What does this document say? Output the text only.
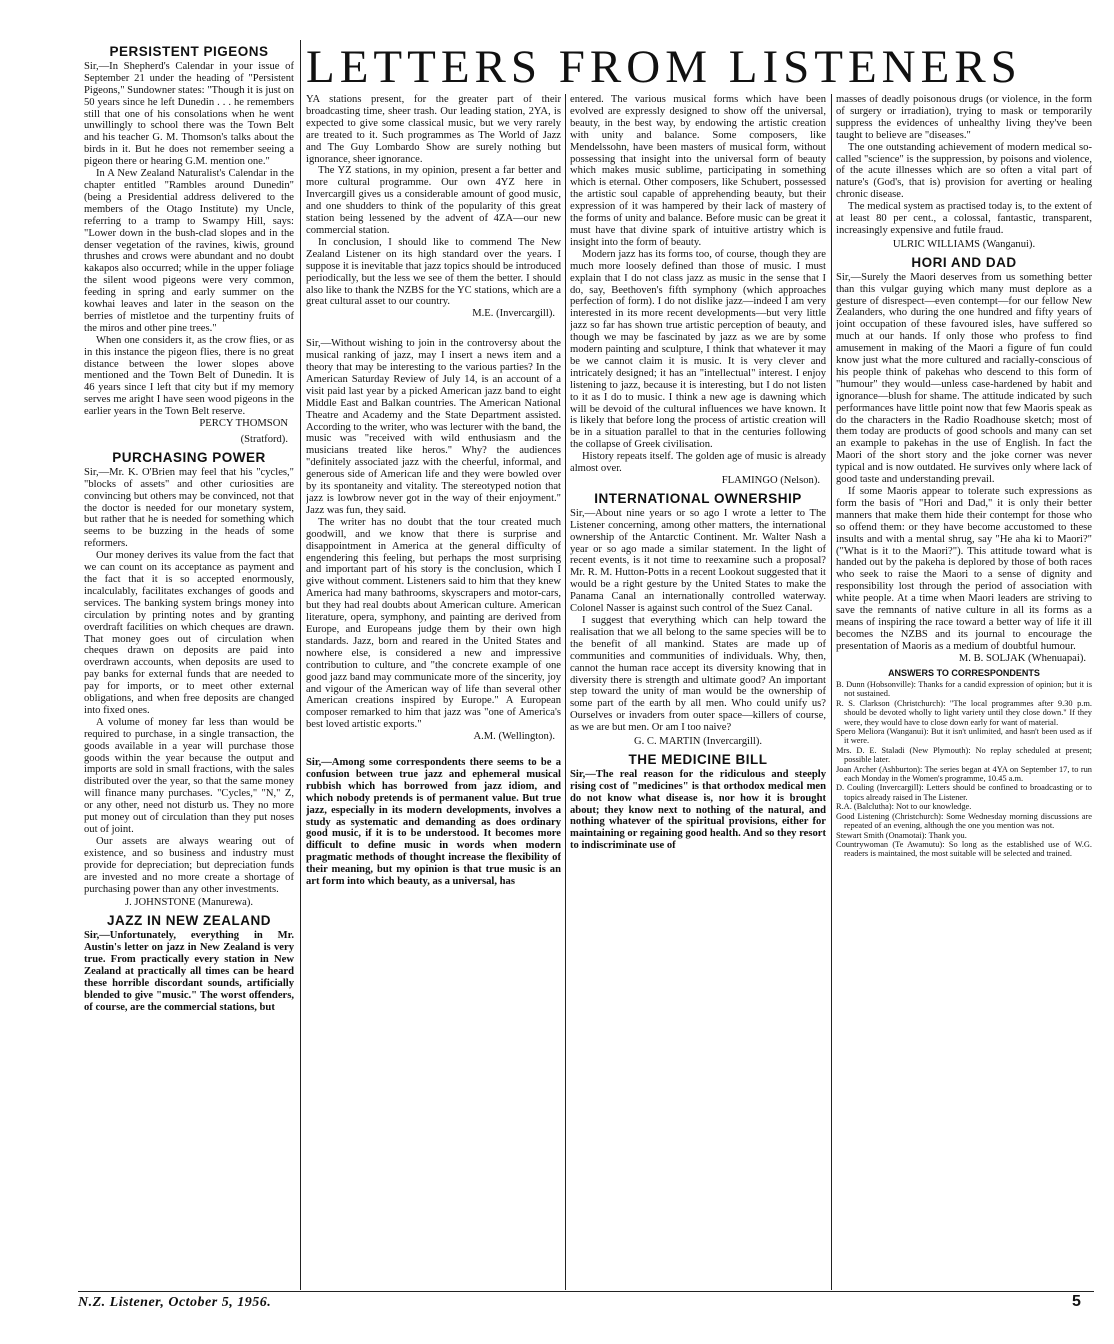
LETTERS FROM LISTENERS
PERSISTENT PIGEONS

Sir,—In Shepherd's Calendar in your issue of September 21 under the heading of "Persistent Pigeons," Sundowner states: "Though it is just on 50 years since he left Dunedin . . . he remembers still that one of his consolations when he went unwillingly to school there was the Town Belt and his teacher G. M. Thomson's talks about the birds in it. But he does not remember seeing a pigeon there or hearing G.M. mention one."

In A New Zealand Naturalist's Calendar in the chapter entitled "Rambles around Dunedin" (being a Presidential address delivered to the members of the Otago Institute) my Uncle, referring to a tramp to Swampy Hill, says: "Lower down in the bush-clad slopes and in the denser vegetation of the ravines, kiwis, ground thrushes and crows were abundant and no doubt kakapos also occurred; while in the upper foliage the silent wood pigeons were very common, feeding in spring and early summer on the kowhai leaves and later in the season on the berries of mistletoe and the turpentiny fruits of the miros and other pine trees."

When one considers it, as the crow flies, or as in this instance the pigeon flies, there is no great distance between the lower slopes above mentioned and the Town Belt of Dunedin. It is 46 years since I left that city but if my memory serves me aright I have seen wood pigeons in the earlier years in the Town Belt reserve.

PERCY THOMSON
(Stratford).
PURCHASING POWER

Sir,—Mr. K. O'Brien may feel that his "cycles," "blocks of assets" and other curiosities are convincing but others may be convinced, not that the doctor is needed for our monetary system, but rather that he is needed for something which seems to be buzzing in the heads of some reformers.

Our money derives its value from the fact that we can count on its acceptance as payment and the fact that it is so accepted enormously, incalculably, facilitates exchanges of goods and services. The banking system brings money into circulation by printing notes and by granting overdraft facilities on which cheques are drawn. That money goes out of circulation when cheques drawn on deposits are paid into overdrawn accounts, when deposits are used to pay banks for external funds that are needed to pay for imports, or to meet other external obligations, and when free deposits are changed into fixed ones.

A volume of money far less than would be required to purchase, in a single transaction, the goods available in a year will purchase those goods within the year because the output and imports are sold in small fractions, with the sales distributed over the year, so that the same money will finance many purchases. "Cycles," "N," Z, or any other, need not disturb us. They no more put money out of circulation than they put noses out of joint.

Our assets are always wearing out of existence, and so business and industry must provide for depreciation; but depreciation funds are invested and no more create a shortage of purchasing power than any other investments.

J. JOHNSTONE (Manurewa).
JAZZ IN NEW ZEALAND

Sir,—Unfortunately, everything in Mr. Austin's letter on jazz in New Zealand is very true. From practically every station in New Zealand at practically all times can be heard these horrible discordant sounds, artificially blended to give "music." The worst offenders, of course, are the commercial stations, but

YA stations present, for the greater part of their broadcasting time, sheer trash. Our leading station, 2YA, is expected to give some classical music, but we very rarely are treated to it. Such programmes as The World of Jazz and The Guy Lombardo Show are surely nothing but ignorance, sheer ignorance.

The YZ stations, in my opinion, present a far better and more cultural programme. Our own 4YZ here in Invercargill gives us a considerable amount of good music, and one shudders to think of the popularity of this great station being lessened by the advent of 4ZA—our new commercial station.

In conclusion, I should like to commend The New Zealand Listener on its high standard over the years. I suppose it is inevitable that jazz topics should be introduced periodically, but the less we see of them the better. I should also like to thank the NZBS for the YC stations, which are a great cultural asset to our country.

M.E. (Invercargill).

Sir,—Without wishing to join in the controversy about the musical ranking of jazz, may I insert a news item and a theory that may be interesting to the various parties? In the American Saturday Review of July 14, is an account of a visit paid last year by a picked American jazz band to eight Middle East and Balkan countries. The American National Theatre and Academy and the State Department assisted. According to the writer, who was lecturer with the band, the music was "received with wild enthusiasm and the musicians treated like heros." Why? the audiences "definitely associated jazz with the cheerful, informal, and generous side of American life and they were bowled over by its spontaneity and vitality. The stereotyped notion that jazz is lowbrow never got in the way of their enjoyment." Jazz was fun, they said.

The writer has no doubt that the tour created much goodwill, and we know that there is surprise and disappointment in America at the general difficulty of engendering this feeling, but perhaps the most surprising and important part of his story is the conclusion, which I give without comment. Listeners said to him that they knew America had many bathrooms, skyscrapers and motor-cars, but they had real doubts about American culture. American literature, opera, symphony, and painting are derived from Europe, and Europeans judge them by their own high standards. Jazz, born and reared in the United States and nowhere else, is considered a new and impressive contribution to culture, and "the concrete example of one good jazz band may communicate more of the sincerity, joy and vigour of the American way of life than several other American creations inspired by Europe." A European composer remarked to him that jazz was "one of America's best loved artistic exports."

A.M. (Wellington).

Sir,—Among some correspondents there seems to be a confusion between true jazz and ephemeral musical rubbish which has borrowed from jazz idiom, and which nobody pretends is of permanent value. But true jazz, especially in its modern developments, involves a study as systematic and demanding as does ordinary good music, if it is to be understood. It becomes more difficult to define music in words when modern pragmatic methods of thought increase the flexibility of their meaning, but my opinion is that true music is an art form into which beauty, as a universal, has

entered. The various musical forms which have been evolved are expressly designed to show off the universal, beauty, in the best way, by endowing the artistic creation with unity and balance. Some composers, like Mendelssohn, have been masters of musical form, without possessing that insight into the universal form of beauty which makes music sublime, participating in something which is eternal. Other composers, like Schubert, possessed the artistic soul capable of apprehending beauty, but their expression of it was hampered by their lack of mastery of the forms of unity and balance. Before music can be great it must have that divine spark of intuitive artistry which is insight into the form of beauty.

Modern jazz has its forms too, of course, though they are much more loosely defined than those of music. I must explain that I do not class jazz as music in the sense that I do, say, Beethoven's fifth symphony (which approaches perfection of form). I do not dislike jazz—indeed I am very interested in its more recent developments—but very little jazz so far has shown true artistic perception of beauty, and though we may be fascinated by jazz as we are by some modern painting and sculpture, I think that whatever it may be we cannot claim it is music. It is very clever and intricately designed; it has an "intellectual" interest. I enjoy listening to jazz, because it is interesting, but I do not listen to it as I do to music. I think a new age is dawning which will be devoid of the cultural influences we have known. It is likely that before long the process of artistic creation will be in a situation parallel to that in the centuries following the collapse of Greek civilisation.

History repeats itself. The golden age of music is already almost over.

FLAMINGO (Nelson).
INTERNATIONAL OWNERSHIP

Sir,—About nine years or so ago I wrote a letter to The Listener concerning, among other matters, the international ownership of the Antarctic Continent. Mr. Walter Nash a year or so ago made a similar statement. In the light of recent events, is it not time to reexamine such a proposal? Mr. R. M. Hutton-Potts in a recent Lookout suggested that it would be a right gesture by the United States to make the Panama Canal an internationally controlled waterway. Colonel Nasser is against such control of the Suez Canal.

I suggest that everything which can help toward the realisation that we all belong to the same species will be to the benefit of all mankind. States are made up of communities and communities of individuals. Why, then, cannot the human race accept its diversity knowing that in diversity there is strength and ultimate good? An important step toward the unity of man would be the ownership of some part of the earth by all men. Who could unify us? Ourselves or invaders from outer space—killers of course, as we are but men. Or am I too naive?

G. C. MARTIN (Invercargill).
THE MEDICINE BILL

Sir,—The real reason for the ridiculous and steeply rising cost of "medicines" is that orthodox medical men do not know what disease is, nor how it is brought about; they know next to nothing of the natural, and nothing whatever of the spiritual provisions, either for maintaining or regaining good health. And so they resort to indiscriminate use of

masses of deadly poisonous drugs (or violence, in the form of surgery or irradiation), trying to mask or temporarily suppress the evidences of unhealthy living they've been taught to believe are "diseases."

The one outstanding achievement of modern medical so-called "science" is the suppression, by poisons and violence, of the acute illnesses which are so often a vital part of nature's (God's, that is) provision for averting or healing chronic disease.

The medical system as practised today is, to the extent of at least 80 per cent., a colossal, fantastic, transparent, increasingly expensive and futile fraud.

ULRIC WILLIAMS (Wanganui).
HORI AND DAD

Sir,—Surely the Maori deserves from us something better than this vulgar guying which many must deplore as a gesture of disrespect—even contempt—for our fellow New Zealanders, who during the one hundred and fifty years of joint occupation of these favoured isles, have suffered so much at our hands. If only those who profess to find amusement in making of the Maori a figure of fun could know just what the more cultured and racially-conscious of his people think of pakehas who descend to this form of "humour" they would—unless case-hardened by habit and ignorance—blush for shame. The attitude indicated by such performances have little point now that few Maoris speak as do the characters in the Radio Roadhouse sketch; most of them today are products of good schools and many can set an example to pakehas in the use of English. In fact the Maori of the short story and the joke corner was never typical and is now outdated. He survives only where lack of good taste and understanding prevail.

If some Maoris appear to tolerate such expressions as form the basis of "Hori and Dad," it is only their better manners that make them hide their contempt for those who so offend them: or they have become accustomed to these insults and with a mental shrug, say "He aha ki to Maori?" ("What is it to the Maori?"). This attitude toward what is handed out by the pakeha is deplored by those of both races who seek to raise the Maori to a sense of dignity and responsibility lost through the period of association with white people. At a time when Maori leaders are striving to save the remnants of native culture in all its forms as a means of inspiring the race toward a better way of life it ill becomes the NZBS and its journal to encourage the presentation of Maoris as a medium of doubtful humour.

M. B. SOLJAK (Whenuapai).
ANSWERS TO CORRESPONDENTS

B. Dunn (Hobsonville): Thanks for a candid expression of opinion; but it is not sustained.

R. S. Clarkson (Christchurch): "The local programmes after 9.30 p.m. should be devoted wholly to light variety until they close down." If they were, they would have to close down early for want of material.

Spero Meliora (Wanganui): But it isn't unlimited, and hasn't been used as if it were.

Mrs. D. E. Staladi (New Plymouth): No replay scheduled at present; possible later.

Joan Archer (Ashburton): The series began at 4YA on September 17, to run each Monday in the Women's programme, 10.45 a.m.

D. Couling (Invercargill): Letters should be confined to broadcasting or to topics already raised in The Listener.

R.A. (Balclutha): Not to our knowledge.

Good Listening (Christchurch): Some Wednesday morning discussions are repeated of an evening, although the one you mention was not.

Stewart Smith (Onamotai): Thank you.

Countrywoman (Te Awamutu): So long as the established use of W.G. readers is maintained, the most suitable will be selected and trained.

N.Z. Listener, October 5, 1956.	5
